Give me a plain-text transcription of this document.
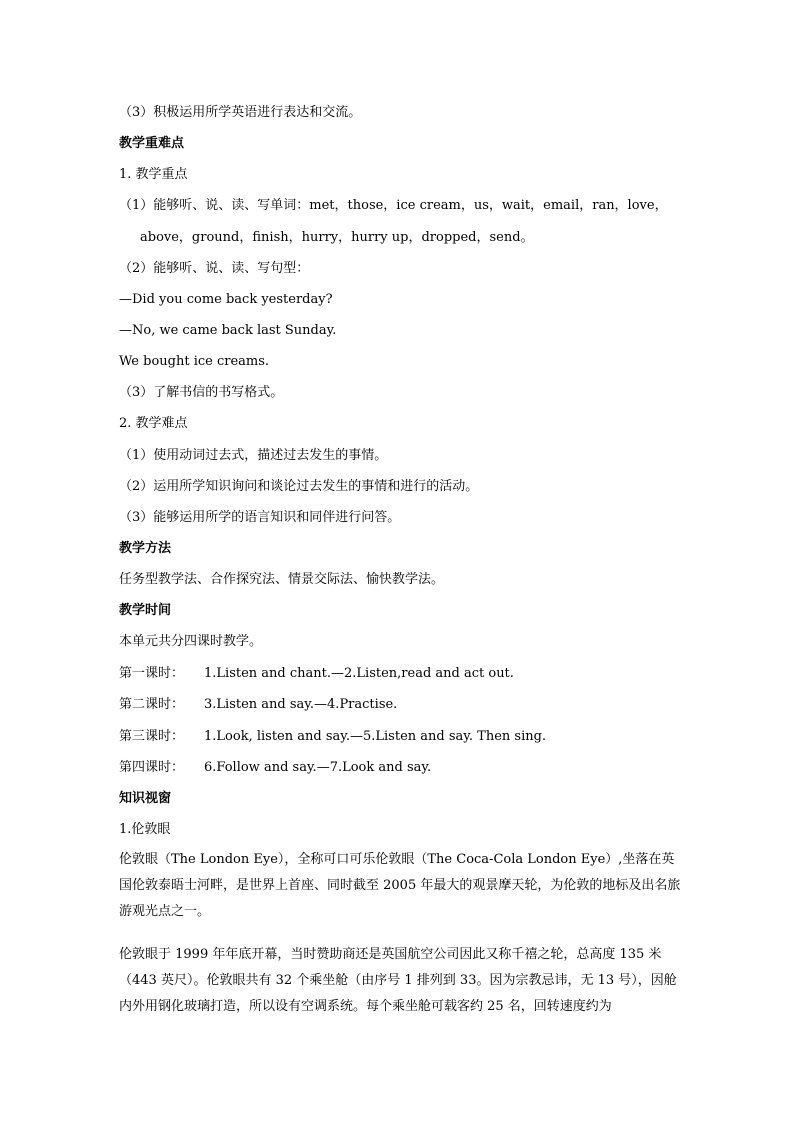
（3）积极运用所学英语进行表达和交流。
教学重难点
1. 教学重点
（1）能够听、说、读、写单词：met，those，ice cream，us，wait，email，ran，love，
above，ground，finish，hurry，hurry up，dropped，send。
（2）能够听、说、读、写句型：
—Did you come back yesterday?
—No, we came back last Sunday.
We bought ice creams.
（3）了解书信的书写格式。
2. 教学难点
（1）使用动词过去式，描述过去发生的事情。
（2）运用所学知识询问和谈论过去发生的事情和进行的活动。
（3）能够运用所学的语言知识和同伴进行问答。
教学方法
任务型教学法、合作探究法、情景交际法、愉快教学法。
教学时间
本单元共分四课时教学。
第一课时： 1.Listen and chant.—2.Listen,read and act out.
第二课时： 3.Listen and say.—4.Practise.
第三课时： 1.Look, listen and say.—5.Listen and say. Then sing.
第四课时： 6.Follow and say.—7.Look and say.
知识视窗
1.伦敦眼
伦敦眼（The London Eye），全称可口可乐伦敦眼（The Coca-Cola London Eye）,坐落在英国伦敦泰晤士河畔，是世界上首座、同时截至 2005 年最大的观景摩天轮，为伦敦的地标及出名旅游观光点之一。
伦敦眼于 1999 年年底开幕，当时赞助商还是英国航空公司因此又称千禧之轮，总高度 135 米（443 英尺）。伦敦眼共有 32 个乘坐舱（由序号 1 排列到 33。因为宗教忌讳，无 13 号），因舱内外用钢化玻璃打造，所以设有空调系统。每个乘坐舱可载客约 25 名，回转速度约为
